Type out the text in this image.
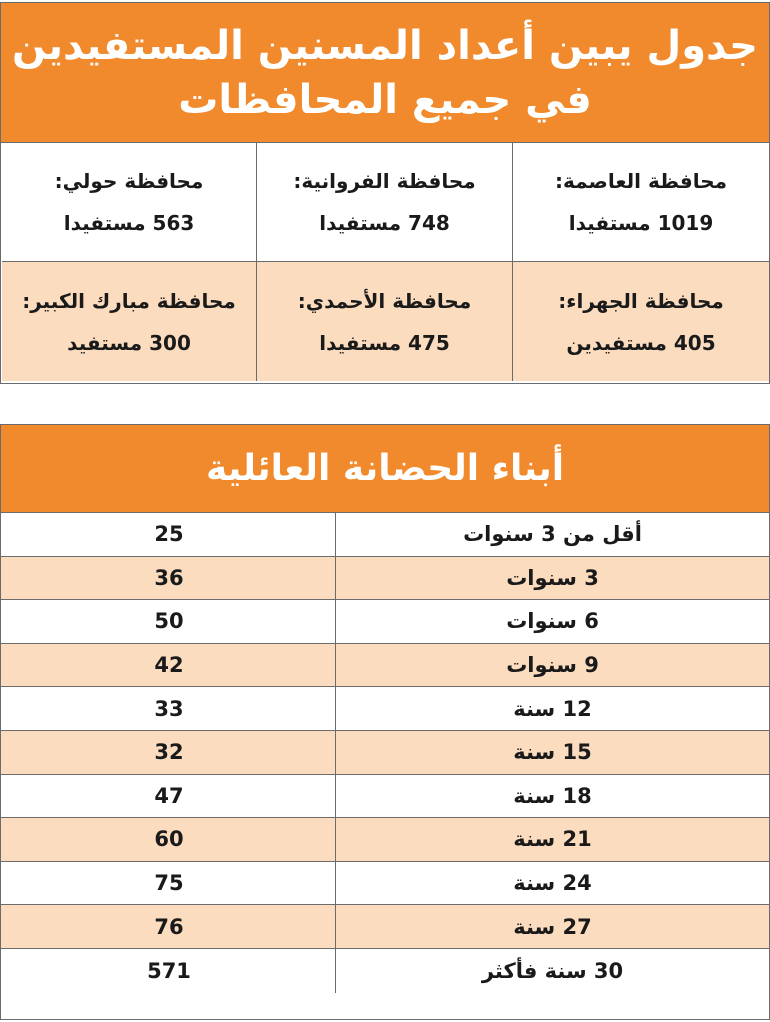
جدول يبين أعداد المسنين المستفيدين
في جميع المحافظات
محافظة العاصمة:
1019 مستفيدا
محافظة الفروانية:
748 مستفيدا
محافظة حولي:
563 مستفيدا
محافظة الجهراء:
405 مستفيدين
محافظة الأحمدي:
475 مستفيدا
محافظة مبارك الكبير:
300 مستفيد
أبناء الحضانة العائلية
أقل من 3 سنوات
25
3 سنوات
36
6 سنوات
50
9 سنوات
42
12 سنة
33
15 سنة
32
18 سنة
47
21 سنة
60
24 سنة
75
27 سنة
76
30 سنة فأكثر
571
